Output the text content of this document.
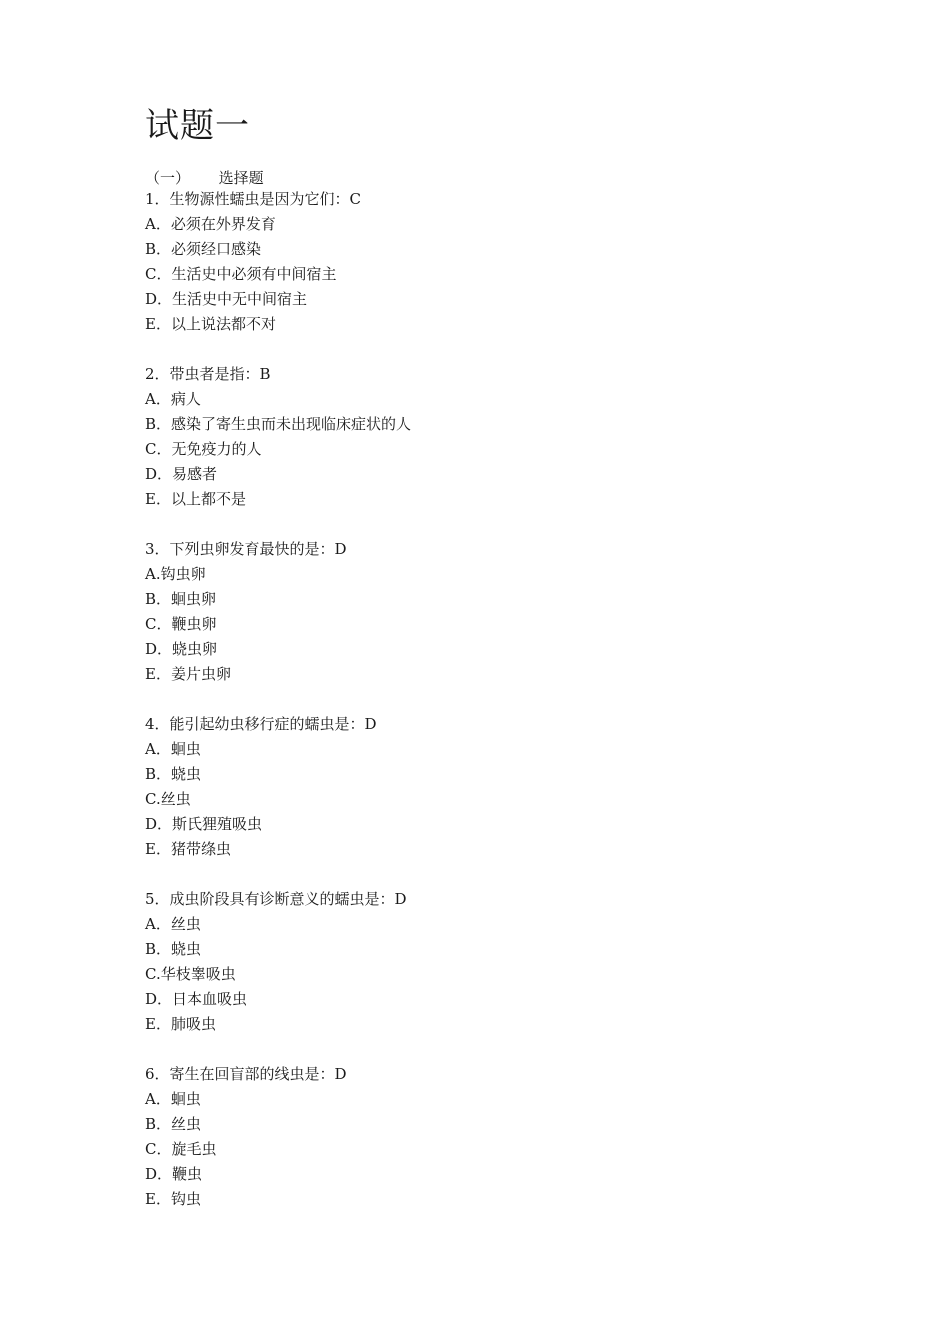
试题一
（一）      选择题
1．生物源性蠕虫是因为它们：C
A．必须在外界发育
B．必须经口感染
C．生活史中必须有中间宿主
D．生活史中无中间宿主
E．以上说法都不对
2．带虫者是指：B
A．病人
B．感染了寄生虫而未出现临床症状的人
C．无免疫力的人
D．易感者
E．以上都不是
3．下列虫卵发育最快的是：D
A.钩虫卵
B．蛔虫卵
C．鞭虫卵
D．蛲虫卵
E．姜片虫卵
4．能引起幼虫移行症的蠕虫是：D
A．蛔虫
B．蛲虫
C.丝虫
D．斯氏狸殖吸虫
E．猪带绦虫
5．成虫阶段具有诊断意义的蠕虫是：D
A．丝虫
B．蛲虫
C.华枝睾吸虫
D．日本血吸虫
E．肺吸虫
6．寄生在回盲部的线虫是：D
A．蛔虫
B．丝虫
C．旋毛虫
D．鞭虫
E．钩虫
